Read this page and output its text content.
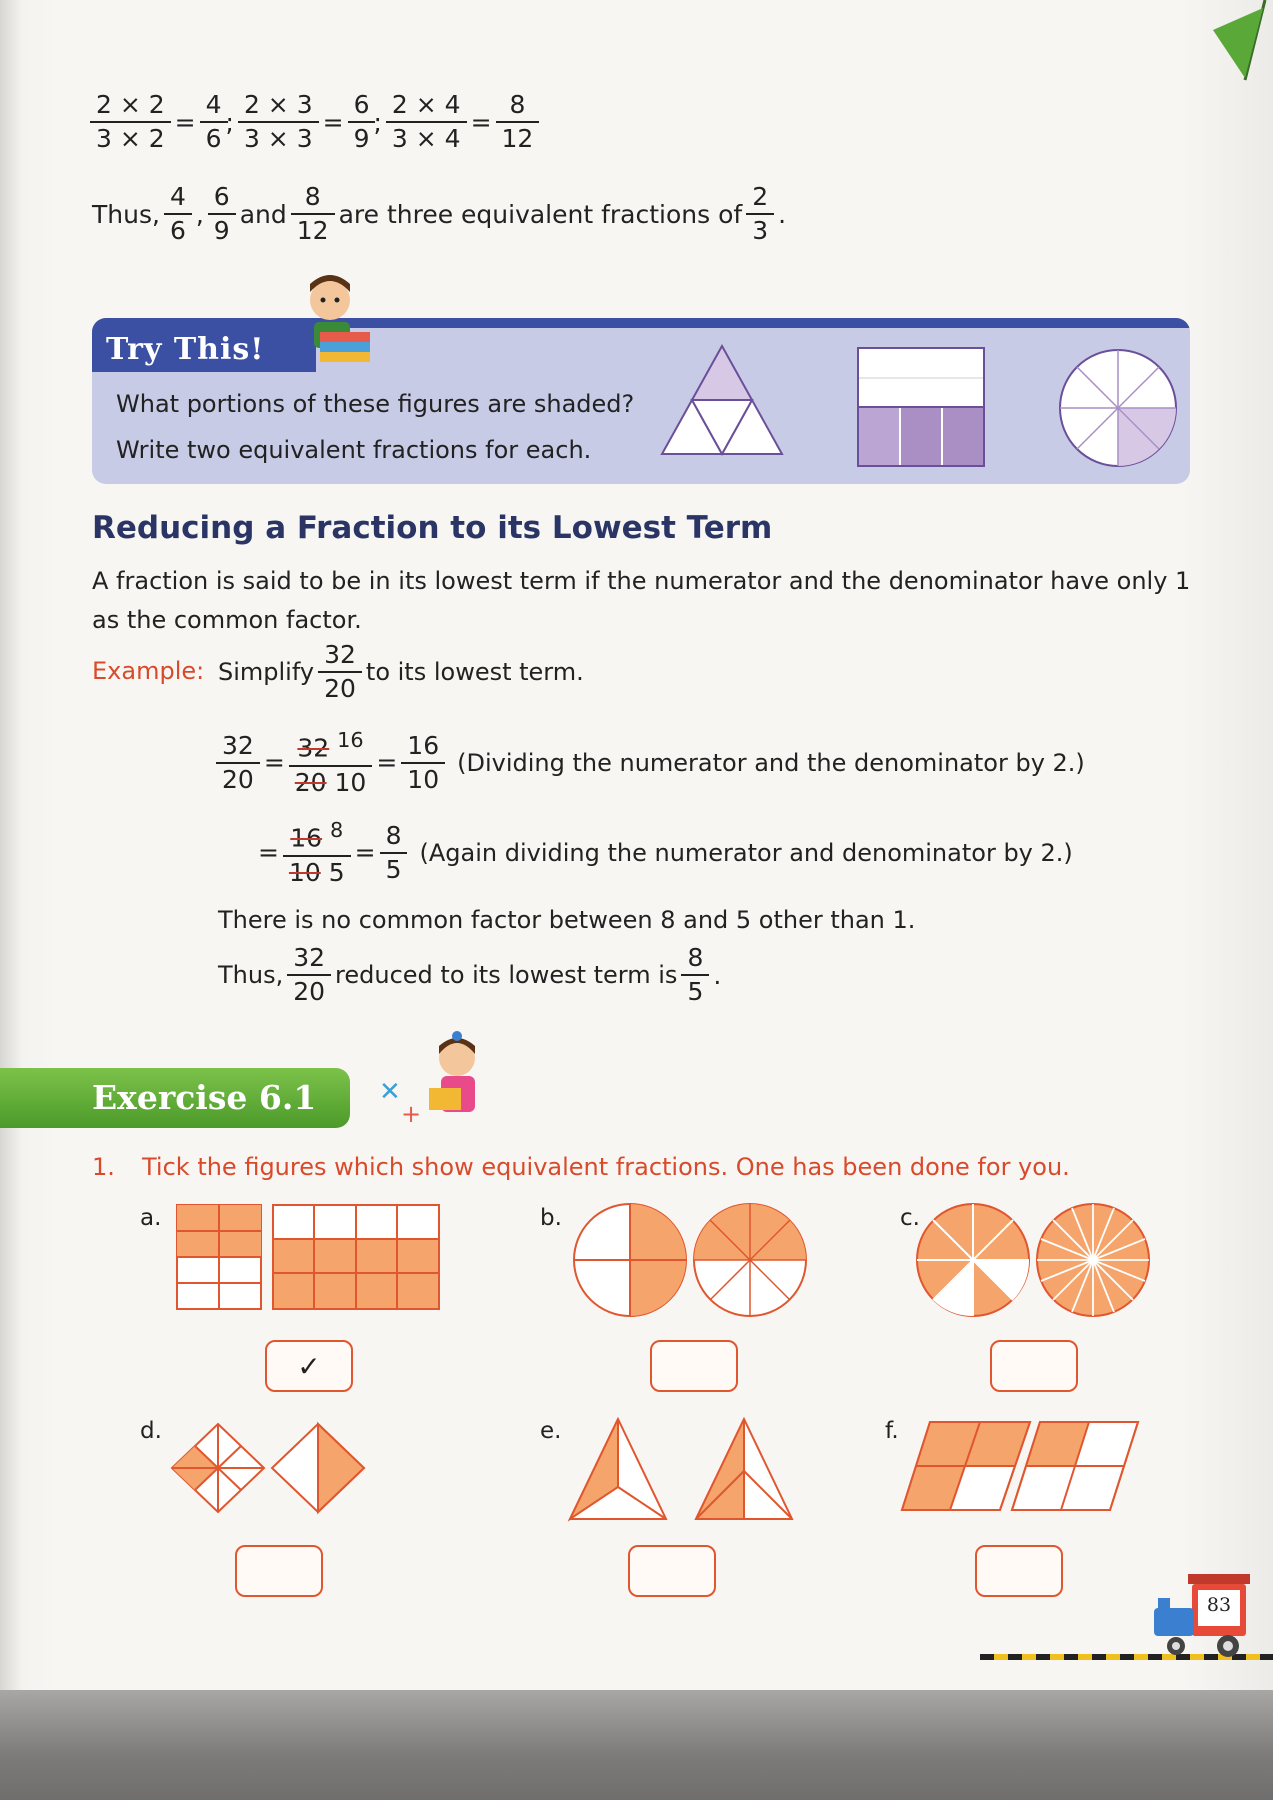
$\frac{2 \times 2}{3 \times 2} = \frac{4}{6}$ ; $\frac{2 \times 3}{3 \times 3} = \frac{6}{9}$ ; $\frac{2 \times 4}{3 \times 4} = \frac{8}{12}$
Thus, $\frac{4}{6}$ , $\frac{6}{9}$ and $\frac{8}{12}$ are three equivalent fractions of $\frac{2}{3}$ .
Try This!
What portions of these figures are shaded?
Write two equivalent fractions for each.
Reducing a Fraction to its Lowest Term
A fraction is said to be in its lowest term if the numerator and the denominator have only 1 as the common factor.
Example: Simplify $\frac{32}{20}$ to its lowest term.
$\frac{32}{20} = \frac{32 ^{16}}{20 10} = \frac{16}{10}$ (Dividing the numerator and the denominator by 2.)
= $\frac{16 ^8}{10 5} = \frac{8}{5}$ (Again dividing the numerator and denominator by 2.)
There is no common factor between 8 and 5 other than 1.
Thus, $\frac{32}{20}$ reduced to its lowest term is $\frac{8}{5}$ .
Exercise 6.1	✕
+
1. Tick the figures which show equivalent fractions. One has been done for you.
a.
✓
b.	c.
d.	e.	f.
83
